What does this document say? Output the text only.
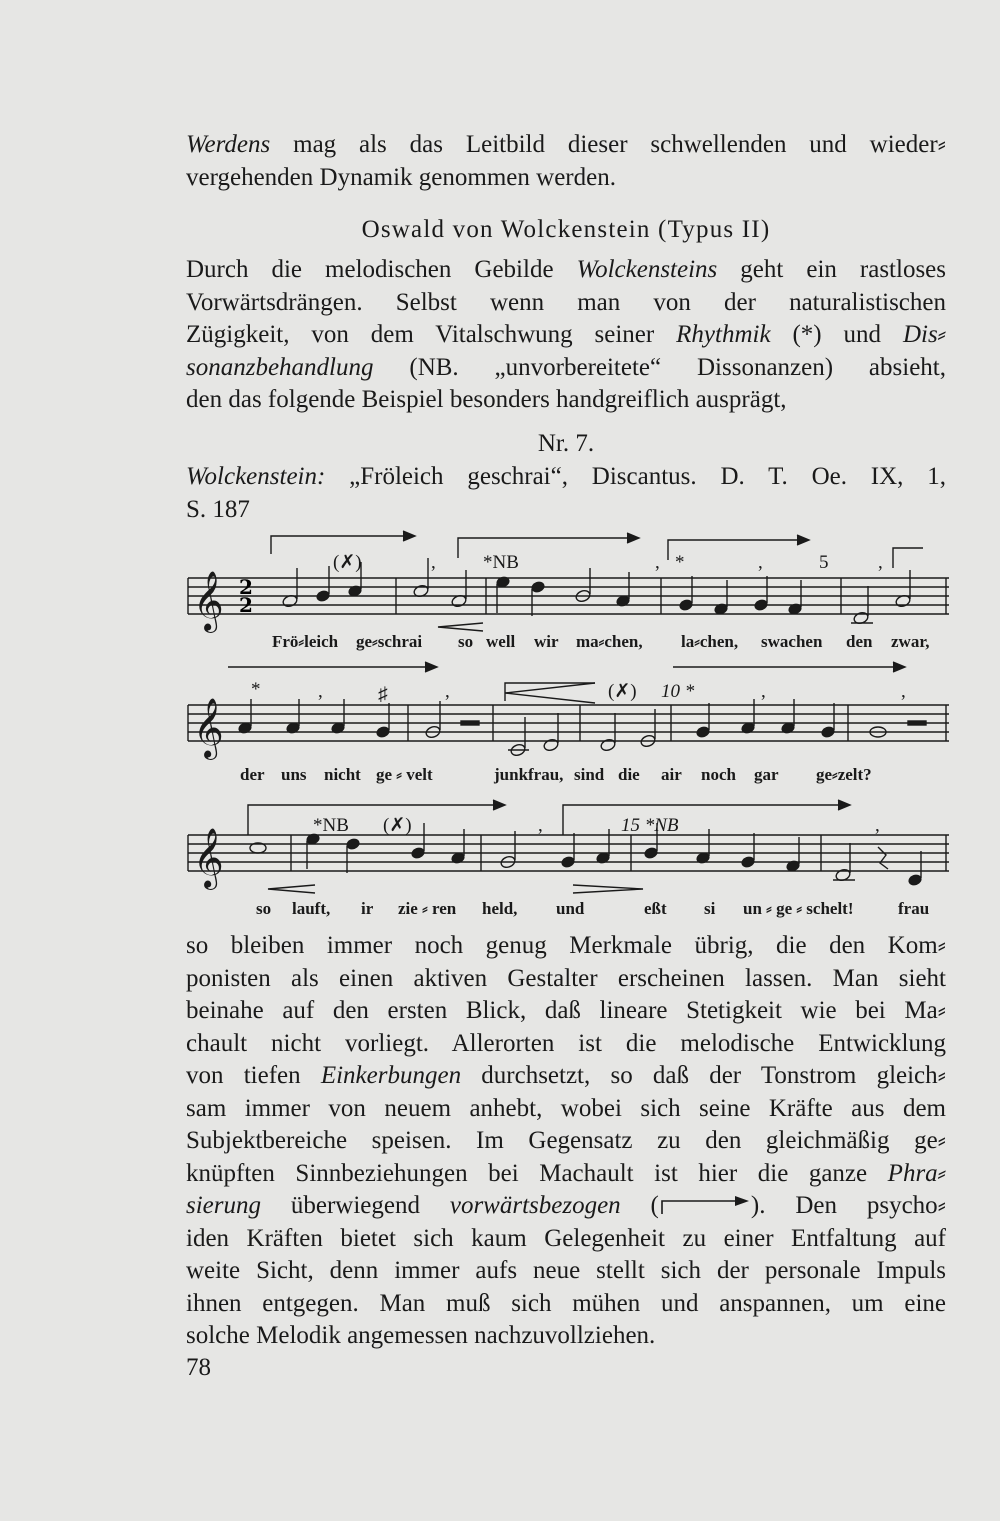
Werdens mag als das Leitbild dieser schwellenden und wieder⸗
vergehenden Dynamik genommen werden.
Oswald von Wolckenstein (Typus II)
Durch die melodischen Gebilde Wolckensteins geht ein rastloses
Vorwärtsdrängen. Selbst wenn man von der naturalistischen
Zügigkeit, von dem Vitalschwung seiner Rhythmik (*) und Dis⸗
sonanzbehandlung (NB. „unvorbereitete“ Dissonanzen) absieht,
den das folgende Beispiel besonders handgreiflich ausprägt,
Nr. 7.
Wolckenstein: „Fröleich geschrai“, Discantus. D. T. Oe. IX, 1,
S. 187
𝄞 2
2
(✗)	, *NB	, *	,	5	,
Frö⸗leich ge⸗schrai so well wir ma⸗chen, la⸗chen, swachen den zwar,
𝄞
*	,	♯	,	(✗) 10 *	,	,
der uns nicht ge ⸗ velt	junkfrau, sind die air noch gar ge⸗zelt?
𝄞
*NB (✗)	,	15 *NB	,
so lauft, ir zie ⸗ ren held, und	eßt si un ⸗ ge ⸗ schelt!	frau
so bleiben immer noch genug Merkmale übrig, die den Kom⸗
ponisten als einen aktiven Gestalter erscheinen lassen. Man sieht
beinahe auf den ersten Blick, daß lineare Stetigkeit wie bei Ma⸗
chault nicht vorliegt. Allerorten ist die melodische Entwicklung
von tiefen Einkerbungen durchsetzt, so daß der Tonstrom gleich⸗
sam immer von neuem anhebt, wobei sich seine Kräfte aus dem
Subjektbereiche speisen. Im Gegensatz zu den gleichmäßig ge⸗
knüpften Sinnbeziehungen bei Machault ist hier die ganze Phra⸗
sierung überwiegend vorwärtsbezogen (	). Den psycho⸗
iden Kräften bietet sich kaum Gelegenheit zu einer Entfaltung auf
weite Sicht, denn immer aufs neue stellt sich der personale Impuls
ihnen entgegen. Man muß sich mühen und anspannen, um eine
solche Melodik angemessen nachzuvollziehen.
78
